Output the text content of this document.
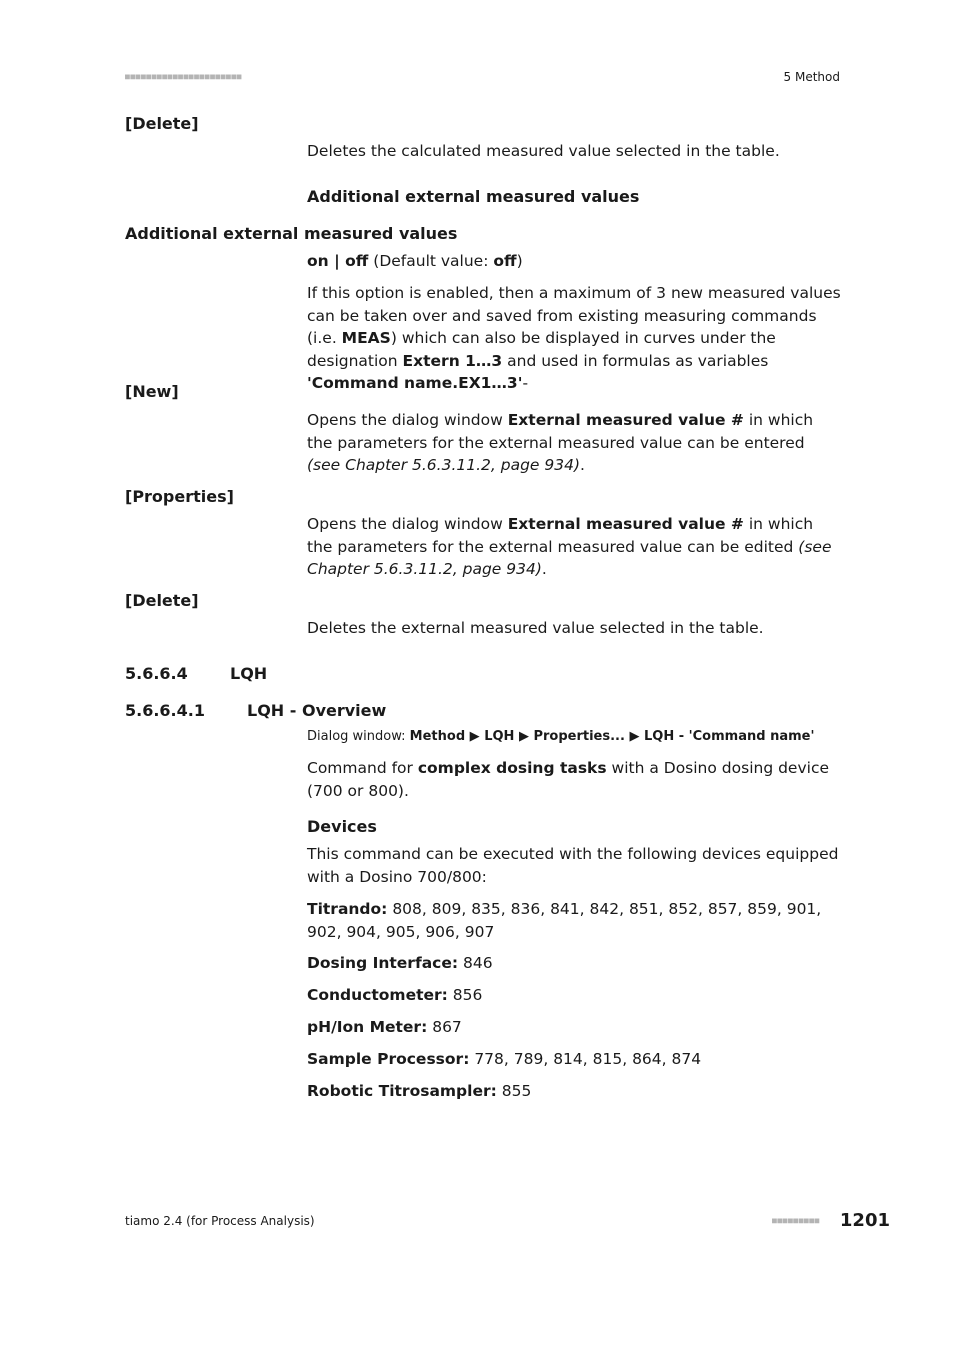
■■■■■■■■■■■■■■■■■■■■■■	5 Method
[Delete]
Deletes the calculated measured value selected in the table.
Additional external measured values
Additional external measured values
on | off (Default value: off)
If this option is enabled, then a maximum of 3 new measured values can be taken over and saved from existing measuring commands (i.e. MEAS) which can also be displayed in curves under the designation Extern 1…3 and used in formulas as variables 'Command name.EX1…3'-
[New]
Opens the dialog window External measured value # in which the parameters for the external measured value can be entered (see Chapter 5.6.3.11.2, page 934).
[Properties]
Opens the dialog window External measured value # in which the parameters for the external measured value can be edited (see Chapter 5.6.3.11.2, page 934).
[Delete]
Deletes the external measured value selected in the table.
5.6.6.4	LQH
5.6.6.4.1	LQH - Overview
Dialog window: Method ▶ LQH ▶ Properties... ▶ LQH - 'Command name'
Command for complex dosing tasks with a Dosino dosing device (700 or 800).
Devices
This command can be executed with the following devices equipped with a Dosino 700/800:
Titrando: 808, 809, 835, 836, 841, 842, 851, 852, 857, 859, 901, 902, 904, 905, 906, 907
Dosing Interface: 846
Conductometer: 856
pH/Ion Meter: 867
Sample Processor: 778, 789, 814, 815, 864, 874
Robotic Titrosampler: 855
tiamo 2.4 (for Process Analysis)	■■■■■■■■■ 1201
